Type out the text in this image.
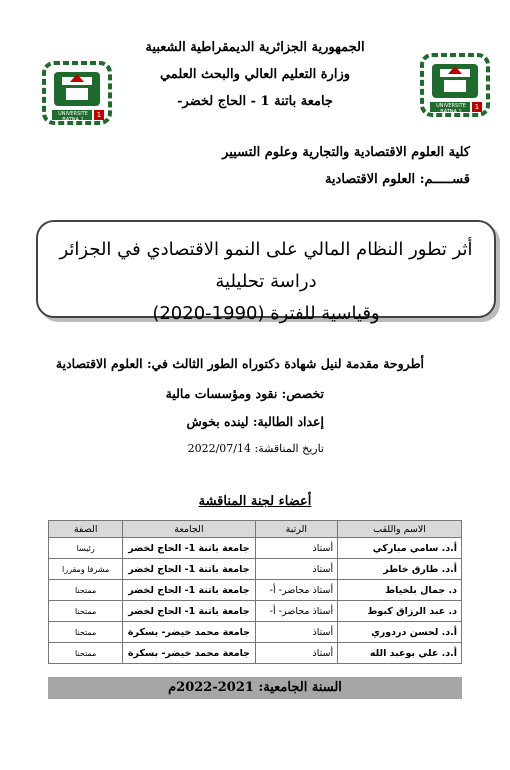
الجمهورية الجزائرية الديمقراطية الشعبية
وزارة التعليم العالي والبحث العلمي
جامعة باتنة 1 - الحاج لخضر-	UNIVERSITE BATNA 1
1
UNIVERSITE BATNA 1
1
كلية العلوم الاقتصادية والتجارية وعلوم التسيير
قســـــم: العلوم الاقتصادية
أثر تطور النظام المالي على النمو الاقتصادي في الجزائر دراسة تحليلية
وقياسية للفترة (1990-2020)
أطروحة مقدمة لنيل شهادة دكتوراه الطور الثالث في: العلوم الاقتصادية
تخصص: نقود ومؤسسات مالية
إعداد الطالبة: لينده بخوش
تاريخ المناقشة: 2022/07/14
أعضاء لجنة المناقشة
الاسم واللقب	الرتبة	الجامعة	الصفة
أ.د. سامي مباركي	أستاذ	جامعة باتنة 1- الحاج لخضر	رئيسا
أ.د. طارق خاطر	أستاذ	جامعة باتنة 1- الحاج لخضر	مشرفا ومقررا
د. جمال بلخياط	أستاذ محاضر- أ-	جامعة باتنة 1- الحاج لخضر	ممتحنا
د. عبد الرزاق كبوط	أستاذ محاضر- أ-	جامعة باتنة 1- الحاج لخضر	ممتحنا
أ.د. لحسن دردوري	أستاذ	جامعة محمد خيضر- بسكرة	ممتحنا
أ.د. علي بوعبد الله	أستاذ	جامعة محمد خيضر- بسكرة	ممتحنا
السنة الجامعية: 2021-2022م
